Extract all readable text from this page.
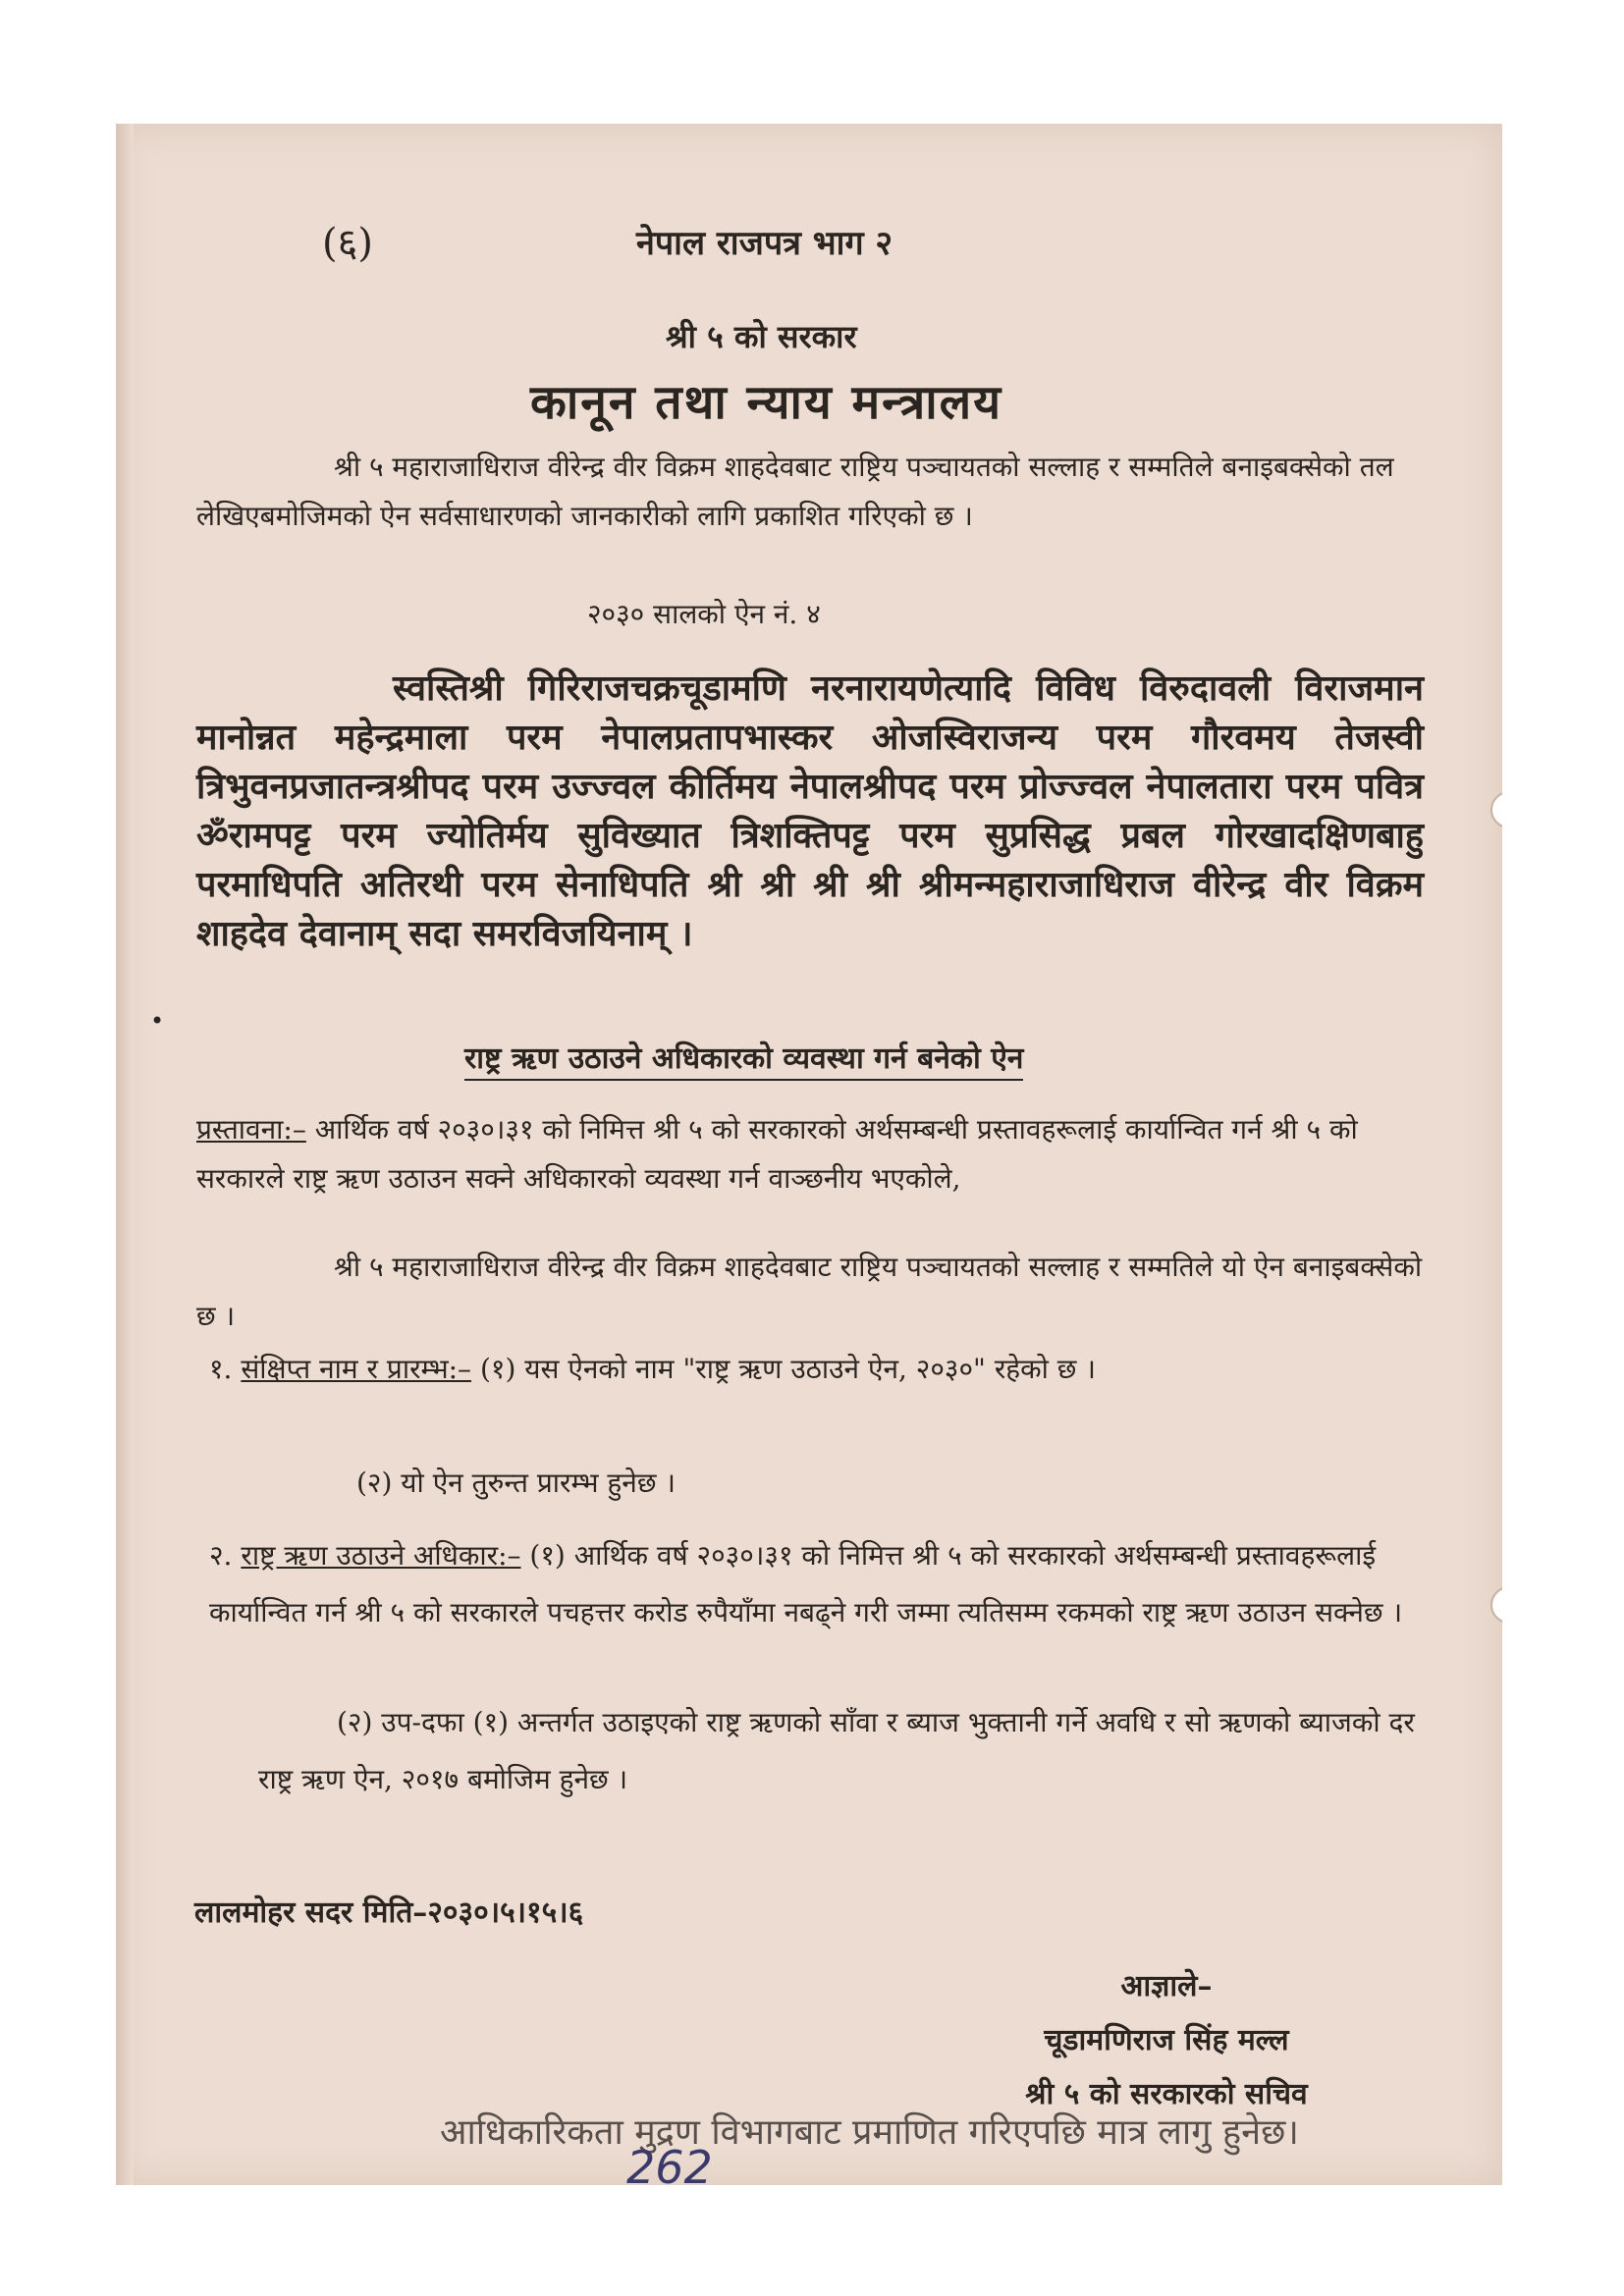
(६)	नेपाल राजपत्र भाग २
श्री ५ को सरकार
कानून तथा न्याय मन्त्रालय
श्री ५ महाराजाधिराज वीरेन्द्र वीर विक्रम शाहदेवबाट राष्ट्रिय पञ्चायतको सल्लाह र सम्मतिले बनाइबक्सेको तल लेखिएबमोजिमको ऐन सर्वसाधारणको जानकारीको लागि प्रकाशित गरिएको छ ।
२०३० सालको ऐन नं. ४
स्वस्तिश्री गिरिराजचक्रचूडामणि नरनारायणेत्यादि विविध विरुदावली विराजमान मानोन्नत महेन्द्रमाला परम नेपालप्रतापभास्कर ओजस्विराजन्य परम गौरवमय तेजस्वी त्रिभुवनप्रजातन्त्रश्रीपद परम उज्ज्वल कीर्तिमय नेपालश्रीपद परम प्रोज्ज्वल नेपालतारा परम पवित्र ॐरामपट्ट परम ज्योतिर्मय सुविख्यात त्रिशक्तिपट्ट परम सुप्रसिद्ध प्रबल गोरखादक्षिणबाहु परमाधिपति अतिरथी परम सेनाधिपति श्री श्री श्री श्री श्रीमन्महाराजाधिराज वीरेन्द्र वीर विक्रम शाहदेव देवानाम् सदा समरविजयिनाम् ।
•
राष्ट्र ऋण उठाउने अधिकारको व्यवस्था गर्न बनेको ऐन
प्रस्तावना:– आर्थिक वर्ष २०३०।३१ को निमित्त श्री ५ को सरकारको अर्थसम्बन्धी प्रस्तावहरूलाई कार्यान्वित गर्न श्री ५ को सरकारले राष्ट्र ऋण उठाउन सक्ने अधिकारको व्यवस्था गर्न वाञ्छनीय भएकोले,
श्री ५ महाराजाधिराज वीरेन्द्र वीर विक्रम शाहदेवबाट राष्ट्रिय पञ्चायतको सल्लाह र सम्मतिले यो ऐन बनाइबक्सेको छ ।
१. संक्षिप्त नाम र प्रारम्भ:– (१) यस ऐनको नाम "राष्ट्र ऋण उठाउने ऐन, २०३०" रहेको छ ।
(२) यो ऐन तुरुन्त प्रारम्भ हुनेछ ।
२. राष्ट्र ऋण उठाउने अधिकार:– (१) आर्थिक वर्ष २०३०।३१ को निमित्त श्री ५ को सरकारको अर्थसम्बन्धी प्रस्तावहरूलाई कार्यान्वित गर्न श्री ५ को सरकारले पचहत्तर करोड रुपैयाँमा नबढ्ने गरी जम्मा त्यतिसम्म रकमको राष्ट्र ऋण उठाउन सक्नेछ ।
(२) उप-दफा (१) अन्तर्गत उठाइएको राष्ट्र ऋणको साँवा र ब्याज भुक्तानी गर्ने अवधि र सो ऋणको ब्याजको दर राष्ट्र ऋण ऐन, २०१७ बमोजिम हुनेछ ।
लालमोहर सदर मिति–२०३०।५।१५।६
आज्ञाले–
चूडामणिराज सिंह मल्ल
श्री ५ को सरकारको सचिव
आधिकारिकता मुद्रण विभागबाट प्रमाणित गरिएपछि मात्र लागु हुनेछ।
262
